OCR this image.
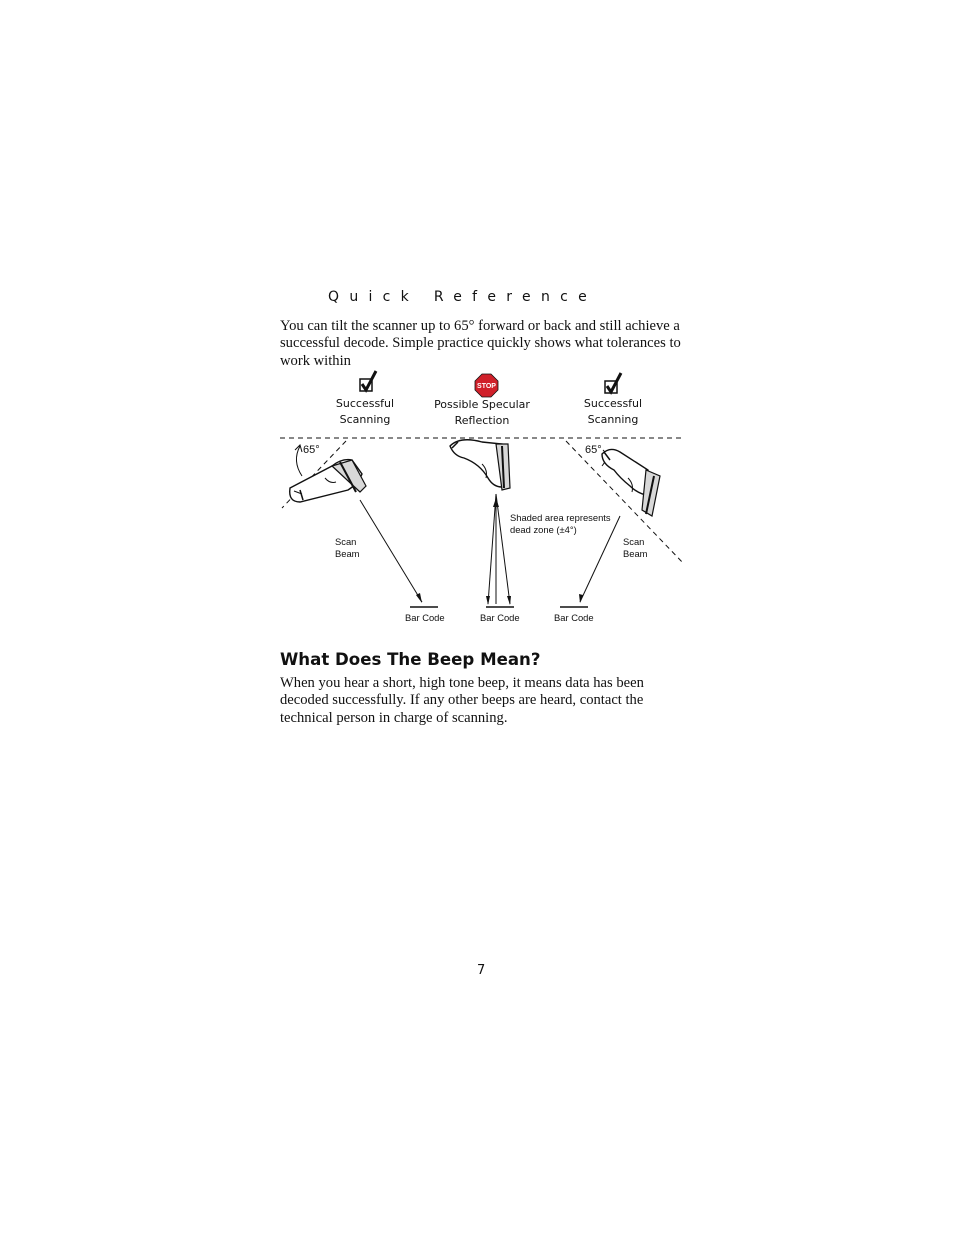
Quick Reference

You can tilt the scanner up to 65° forward or back and still achieve a successful decode. Simple practice quickly shows what tolerances to work within

STOP
Successful
Scanning
Possible Specular
Reflection
Successful
Scanning
65°	65°
Scan
Beam
Scan
Beam
Shaded area represents
dead zone (±4°)
Bar Code	Bar Code	Bar Code
What Does The Beep Mean?

When you hear a short, high tone beep, it means data has been decoded successfully. If any other beeps are heard, contact the technical person in charge of scanning.

7
